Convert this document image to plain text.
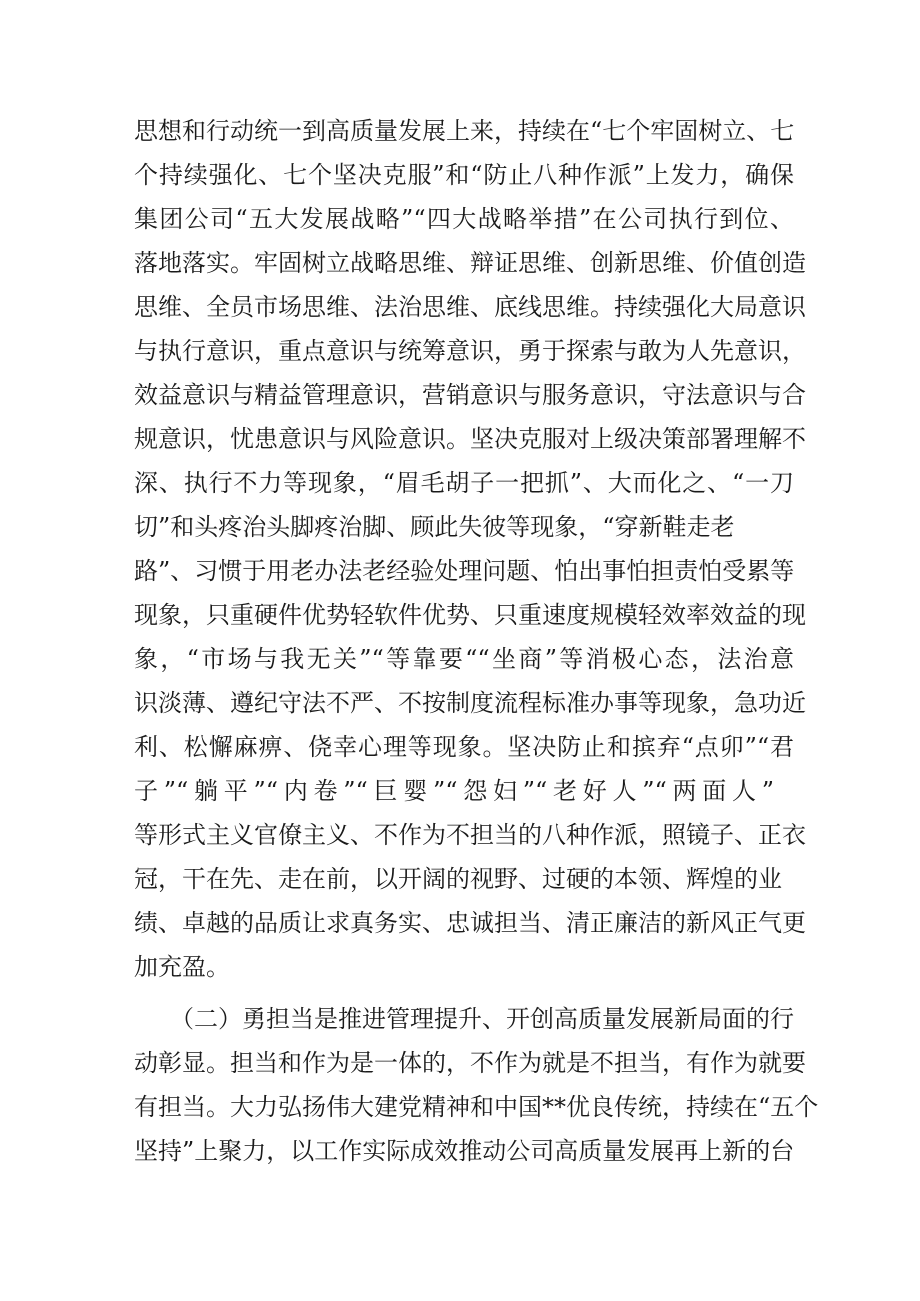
思想和行动统一到高质量发展上来，持续在“七个牢固树立、七
个持续强化、七个坚决克服”和“防止八种作派”上发力，确保
集团公司“五大发展战略”“四大战略举措”在公司执行到位、
落地落实。牢固树立战略思维、辩证思维、创新思维、价值创造
思维、全员市场思维、法治思维、底线思维。持续强化大局意识
与执行意识，重点意识与统筹意识，勇于探索与敢为人先意识，
效益意识与精益管理意识，营销意识与服务意识，守法意识与合
规意识，忧患意识与风险意识。坚决克服对上级决策部署理解不
深、执行不力等现象，“眉毛胡子一把抓”、大而化之、“一刀
切”和头疼治头脚疼治脚、顾此失彼等现象，“穿新鞋走老
路”、习惯于用老办法老经验处理问题、怕出事怕担责怕受累等
现象，只重硬件优势轻软件优势、只重速度规模轻效率效益的现
象，“市场与我无关”“等靠要““坐商”等消极心态，法治意
识淡薄、遵纪守法不严、不按制度流程标准办事等现象，急功近
利、松懈麻痹、侥幸心理等现象。坚决防止和摈弃“点卯”“君
子”“躺平”“内卷”“巨婴”“怨妇”“老好人”“两面人”
等形式主义官僚主义、不作为不担当的八种作派，照镜子、正衣
冠，干在先、走在前，以开阔的视野、过硬的本领、辉煌的业
绩、卓越的品质让求真务实、忠诚担当、清正廉洁的新风正气更
加充盈。
　　（二）勇担当是推进管理提升、开创高质量发展新局面的行
动彰显。担当和作为是一体的，不作为就是不担当，有作为就要
有担当。大力弘扬伟大建党精神和中国**优良传统，持续在“五个
坚持”上聚力，以工作实际成效推动公司高质量发展再上新的台
